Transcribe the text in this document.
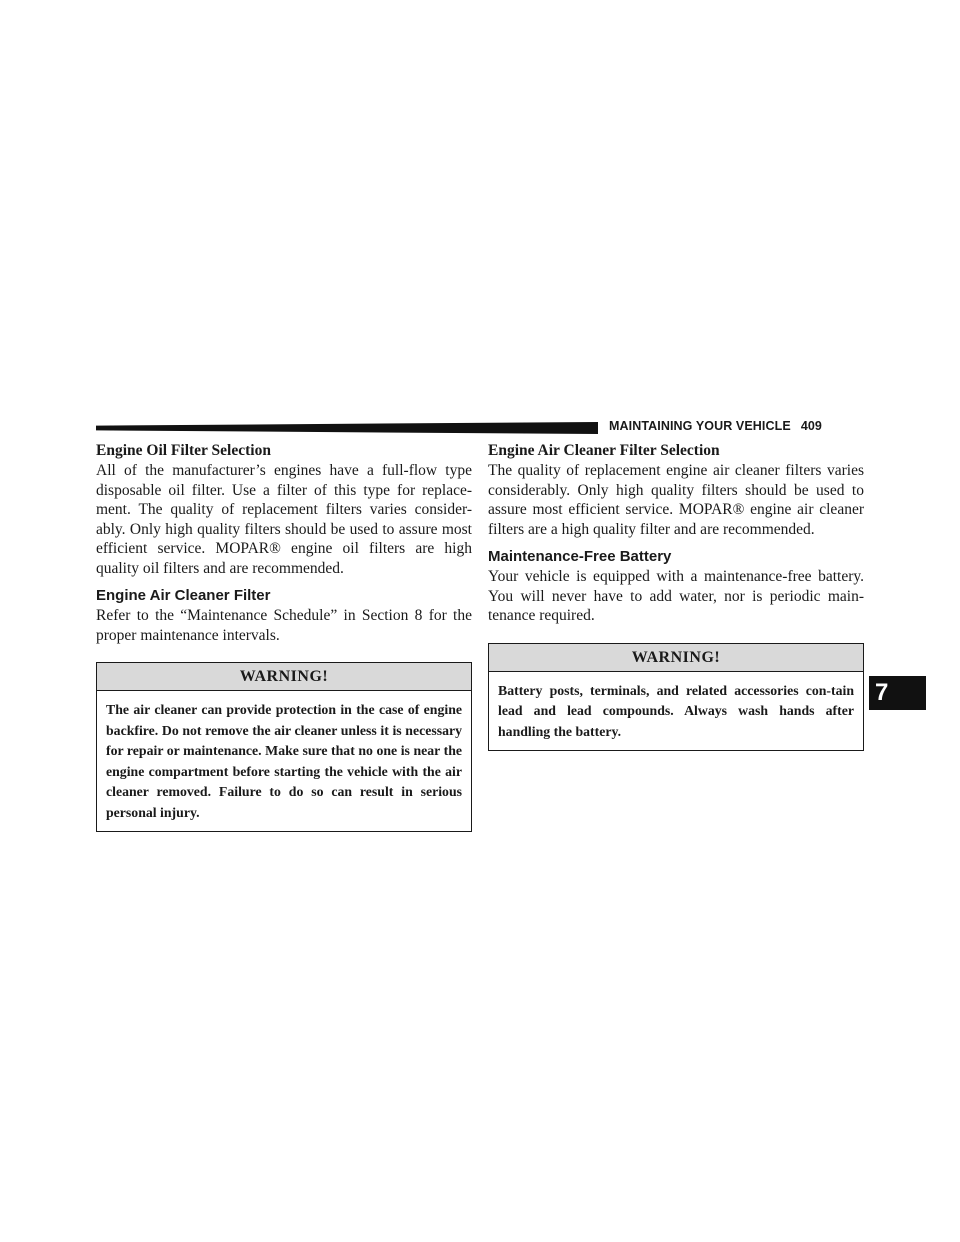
MAINTAINING YOUR VEHICLE 409
Engine Oil Filter Selection

All of the manufacturer’s engines have a full-flow type disposable oil filter. Use a filter of this type for replace-ment. The quality of replacement filters varies consider-ably. Only high quality filters should be used to assure most efficient service. MOPAR® engine oil filters are high quality oil filters and are recommended.

Engine Air Cleaner Filter

Refer to the “Maintenance Schedule” in Section 8 for the proper maintenance intervals.

WARNING!
The air cleaner can provide protection in the case of engine backfire. Do not remove the air cleaner unless it is necessary for repair or maintenance. Make sure that no one is near the engine compartment before starting the vehicle with the air cleaner removed. Failure to do so can result in serious personal injury.
Engine Air Cleaner Filter Selection

The quality of replacement engine air cleaner filters varies considerably. Only high quality filters should be used to assure most efficient service. MOPAR® engine air cleaner filters are a high quality filter and are recommended.

Maintenance-Free Battery

Your vehicle is equipped with a maintenance-free battery. You will never have to add water, nor is periodic main-tenance required.

WARNING!
Battery posts, terminals, and related accessories con-tain lead and lead compounds. Always wash hands after handling the battery.
7
